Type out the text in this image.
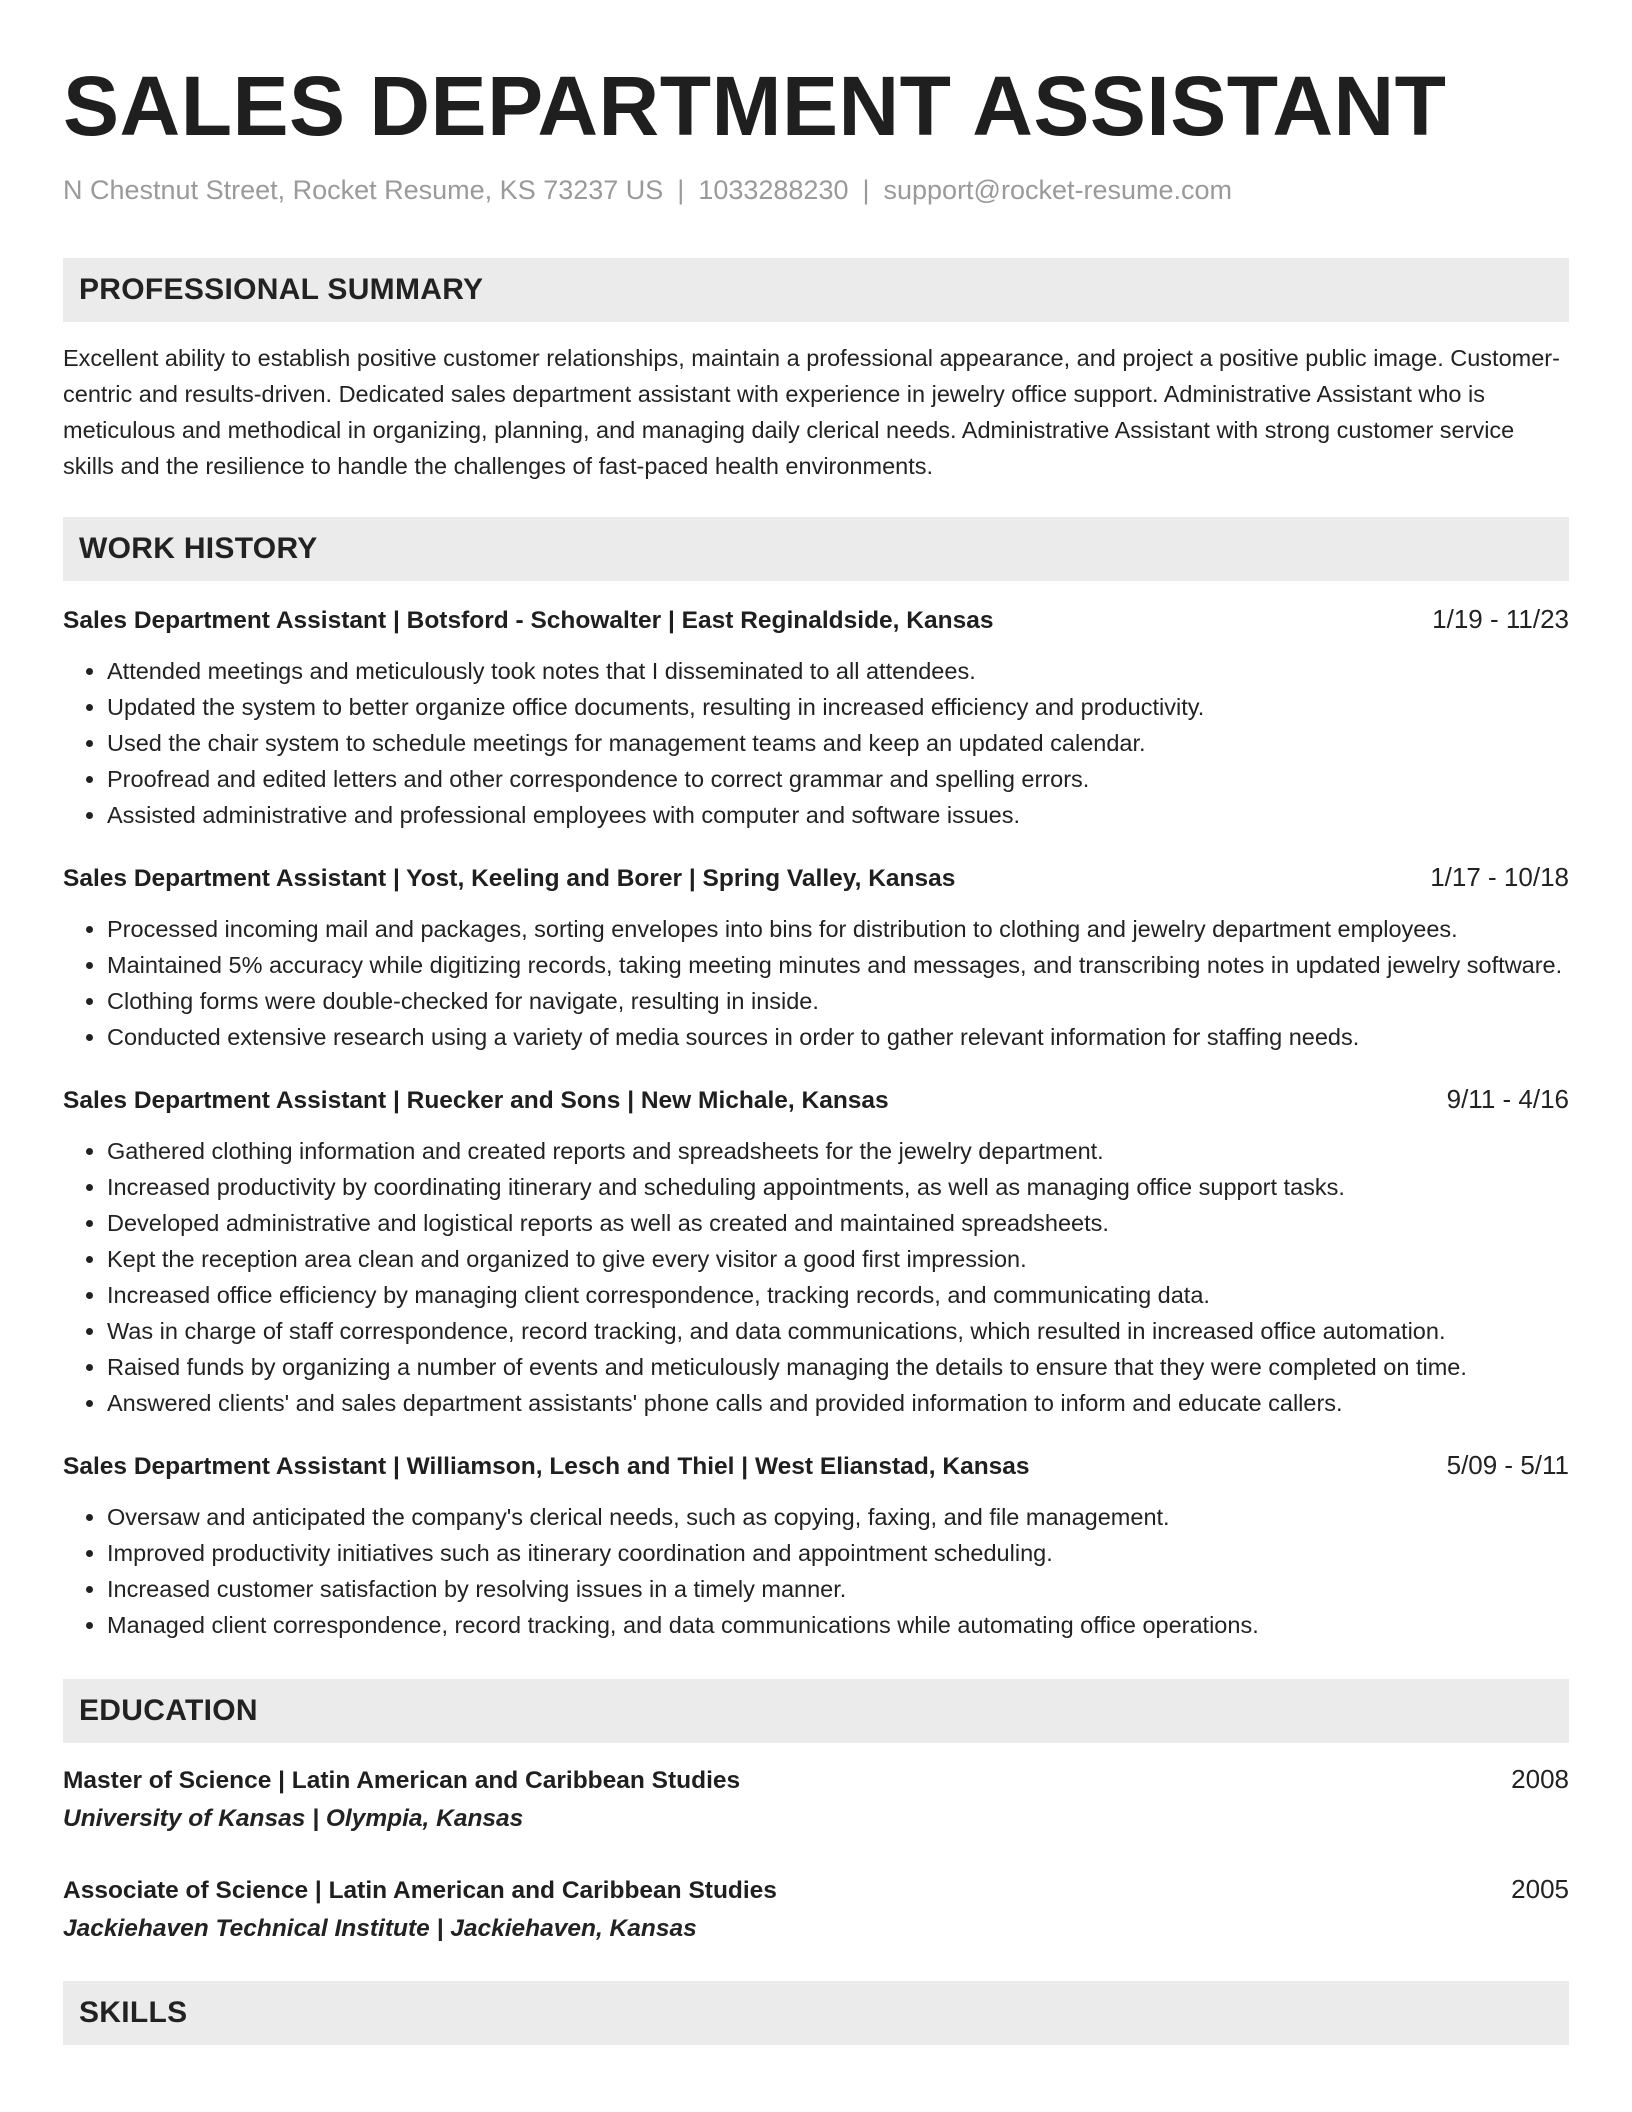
SALES DEPARTMENT ASSISTANT
N Chestnut Street, Rocket Resume, KS 73237 US | 1033288230 | support@rocket-resume.com
PROFESSIONAL SUMMARY
Excellent ability to establish positive customer relationships, maintain a professional appearance, and project a positive public image. Customer-centric and results-driven. Dedicated sales department assistant with experience in jewelry office support. Administrative Assistant who is meticulous and methodical in organizing, planning, and managing daily clerical needs. Administrative Assistant with strong customer service skills and the resilience to handle the challenges of fast-paced health environments.
WORK HISTORY
Sales Department Assistant | Botsford - Schowalter | East Reginaldside, Kansas	1/19 - 11/23
• Attended meetings and meticulously took notes that I disseminated to all attendees.
• Updated the system to better organize office documents, resulting in increased efficiency and productivity.
• Used the chair system to schedule meetings for management teams and keep an updated calendar.
• Proofread and edited letters and other correspondence to correct grammar and spelling errors.
• Assisted administrative and professional employees with computer and software issues.
Sales Department Assistant | Yost, Keeling and Borer | Spring Valley, Kansas	1/17 - 10/18
• Processed incoming mail and packages, sorting envelopes into bins for distribution to clothing and jewelry department employees.
• Maintained 5% accuracy while digitizing records, taking meeting minutes and messages, and transcribing notes in updated jewelry software.
• Clothing forms were double-checked for navigate, resulting in inside.
• Conducted extensive research using a variety of media sources in order to gather relevant information for staffing needs.
Sales Department Assistant | Ruecker and Sons | New Michale, Kansas	9/11 - 4/16
• Gathered clothing information and created reports and spreadsheets for the jewelry department.
• Increased productivity by coordinating itinerary and scheduling appointments, as well as managing office support tasks.
• Developed administrative and logistical reports as well as created and maintained spreadsheets.
• Kept the reception area clean and organized to give every visitor a good first impression.
• Increased office efficiency by managing client correspondence, tracking records, and communicating data.
• Was in charge of staff correspondence, record tracking, and data communications, which resulted in increased office automation.
• Raised funds by organizing a number of events and meticulously managing the details to ensure that they were completed on time.
• Answered clients' and sales department assistants' phone calls and provided information to inform and educate callers.
Sales Department Assistant | Williamson, Lesch and Thiel | West Elianstad, Kansas	5/09 - 5/11
• Oversaw and anticipated the company's clerical needs, such as copying, faxing, and file management.
• Improved productivity initiatives such as itinerary coordination and appointment scheduling.
• Increased customer satisfaction by resolving issues in a timely manner.
• Managed client correspondence, record tracking, and data communications while automating office operations.
EDUCATION
Master of Science | Latin American and Caribbean Studies	2008
University of Kansas | Olympia, Kansas
Associate of Science | Latin American and Caribbean Studies	2005
Jackiehaven Technical Institute | Jackiehaven, Kansas
SKILLS
